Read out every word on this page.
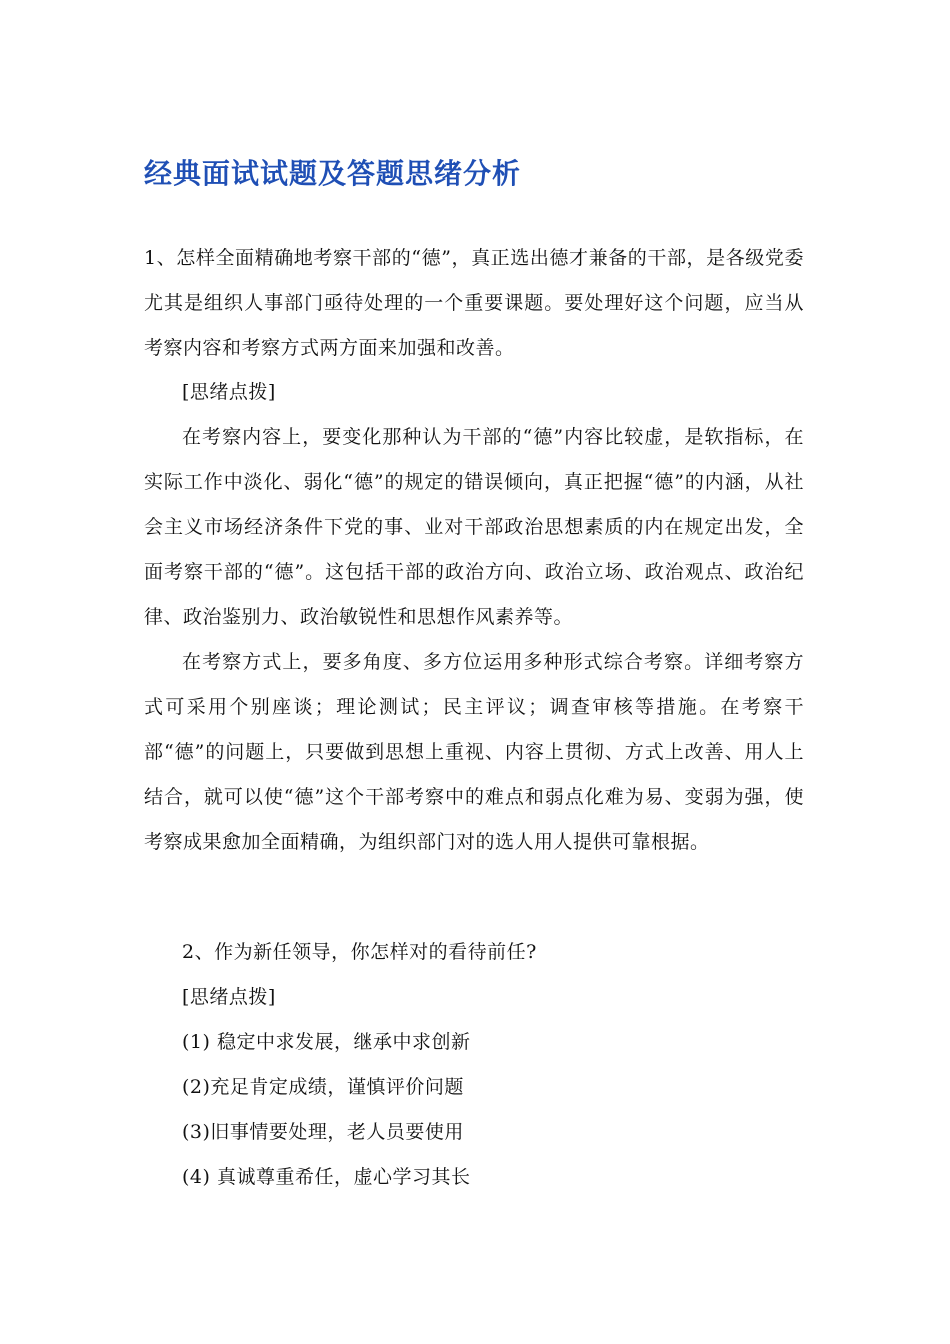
经典面试试题及答题思绪分析

1、怎样全面精确地考察干部的“德”，真正选出德才兼备的干部，是各级党委尤其是组织人事部门亟待处理的一个重要课题。要处理好这个问题，应当从考察内容和考察方式两方面来加强和改善。

[思绪点拨]

在考察内容上，要变化那种认为干部的“德”内容比较虚，是软指标，在实际工作中淡化、弱化“德”的规定的错误倾向，真正把握“德”的内涵，从社会主义市场经济条件下党的事、业对干部政治思想素质的内在规定出发，全面考察干部的“德”。这包括干部的政治方向、政治立场、政治观点、政治纪律、政治鉴别力、政治敏锐性和思想作风素养等。

在考察方式上，要多角度、多方位运用多种形式综合考察。详细考察方式可采用个别座谈；理论测试；民主评议；调查审核等措施。在考察干部“德”的问题上，只要做到思想上重视、内容上贯彻、方式上改善、用人上结合，就可以使“德”这个干部考察中的难点和弱点化难为易、变弱为强，使考察成果愈加全面精确，为组织部门对的选人用人提供可靠根据。

2、作为新任领导，你怎样对的看待前任?

[思绪点拨]

(1) 稳定中求发展，继承中求创新

(2)充足肯定成绩，谨慎评价问题

(3)旧事情要处理，老人员要使用

(4) 真诚尊重希任，虚心学习其长
